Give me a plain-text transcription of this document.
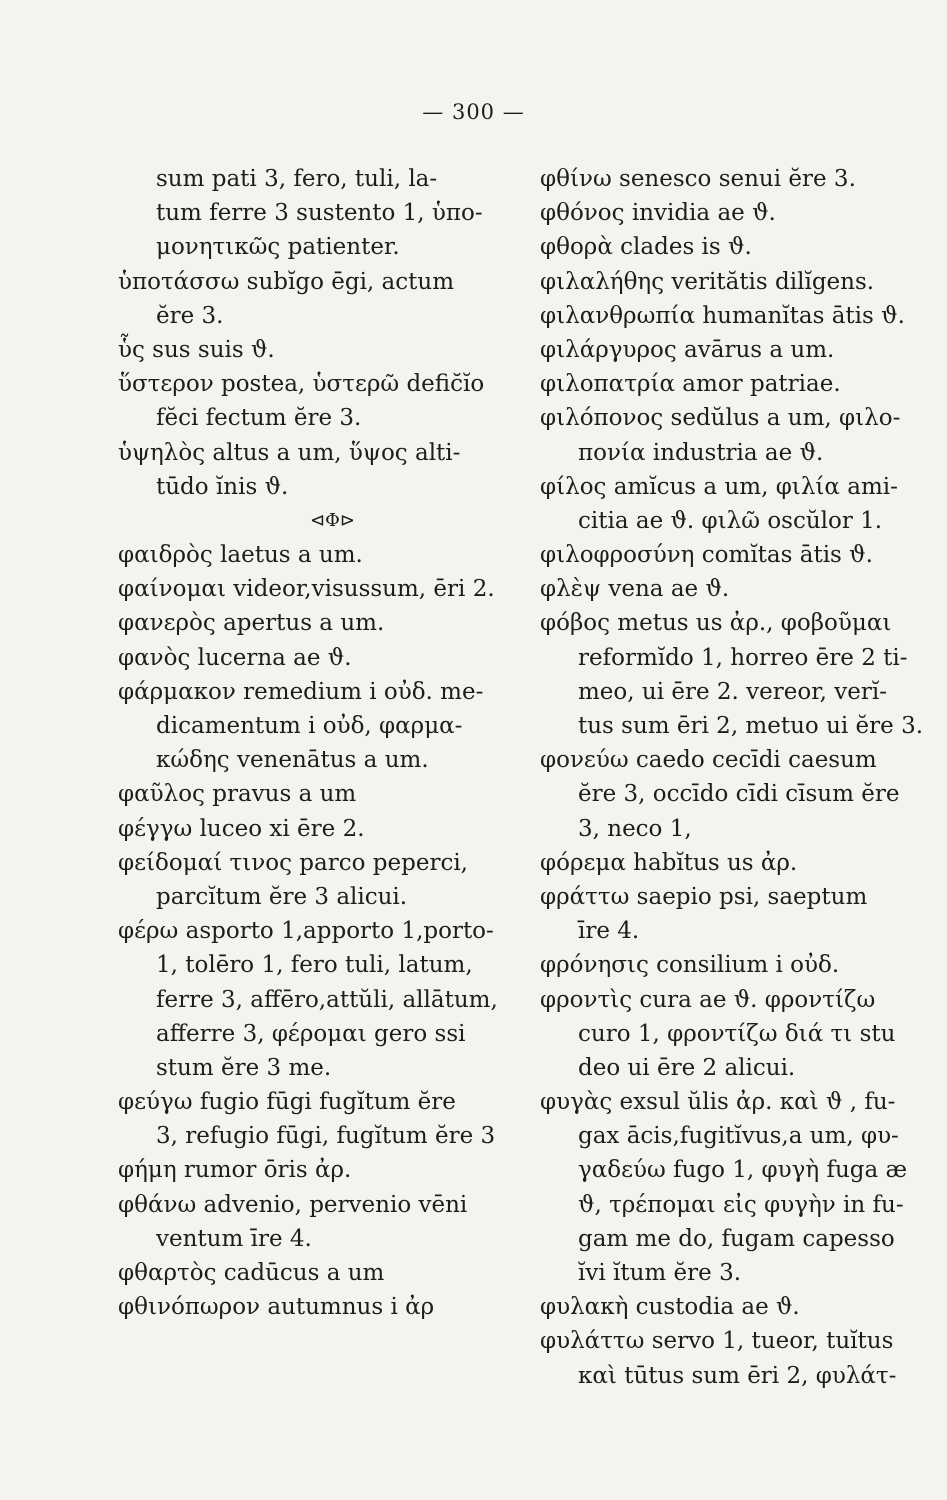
— 300 —
sum pati 3, fero, tuli, la-
tum ferre 3 sustento 1, ὑπο-
μονητικῶς patienter.
ὑποτάσσω subĭgo ēgi, actum
ĕre 3.
ὗς sus suis ϑ.
ὕστερον postea, ὑστερῶ defic̆ĭo
fĕci fectum ĕre 3.
ὑψηλὸς altus a um, ὕψος alti-
tūdo ĭnis ϑ.
⊲Φ⊳
φαιδρὸς laetus a um.
φαίνομαι videor,visussum, ēri 2.
φανερὸς apertus a um.
φανὸς lucerna ae ϑ.
φάρμακον remedium i οὐδ. me-
dicamentum i οὐδ, φαρμα-
κώδης venenātus a um.
φαῦλος pravus a um
φέγγω luceo xi ēre 2.
φείδομαί τινος parco peperci,
parcĭtum ĕre 3 alicui.
φέρω asporto 1,apporto 1,porto-
1, tolēro 1, fero tuli, latum,
ferre 3, affēro,attŭli, allātum,
afferre 3, φέρομαι gero ssi
stum ĕre 3 me.
φεύγω fugio fūgi fugĭtum ĕre
3, refugio fūgi, fugĭtum ĕre 3
φήμη rumor ōris ἀρ.
φθάνω advenio, pervenio vēni
ventum īre 4.
φθαρτὸς cadūcus a um
φθινόπωρον autumnus i ἀρ
φθίνω senesco senui ĕre 3.
φθόνος invidia ae ϑ.
φθορὰ clades is ϑ.
φιλαλήθης veritătis dilĭgens.
φιλανθρωπία humanĭtas ātis ϑ.
φιλάργυρος avārus a um.
φιλοπατρία amor patriae.
φιλόπονος sedŭlus a um, φιλο-
πονία industria ae ϑ.
φίλος amĭcus a um, φιλία ami-
citia ae ϑ. φιλῶ oscŭlor 1.
φιλοφροσύνη comĭtas ātis ϑ.
φλὲψ vena ae ϑ.
φόβος metus us ἀρ., φοβοῦμαι
reformĭdo 1, horreo ēre 2 ti-
meo, ui ēre 2. vereor, verĭ-
tus sum ēri 2, metuo ui ĕre 3.
φονεύω caedo cecīdi caesum
ĕre 3, occīdo cīdi cīsum ĕre
3, neco 1,
φόρεμα habĭtus us ἀρ.
φράττω saepio psi, saeptum
īre 4.
φρόνησις consilium i οὐδ.
φροντὶς cura ae ϑ. φροντίζω
curo 1, φροντίζω διά τι stu
deo ui ēre 2 alicui.
φυγὰς exsul ŭlis ἀρ. καὶ ϑ , fu-
gax ācis,fugitĭvus,a um, φυ-
γαδεύω fugo 1, φυγὴ fuga æ
ϑ, τρέπομαι εἰς φυγὴν in fu-
gam me do, fugam capesso
ĭvi ĭtum ĕre 3.
φυλακὴ custodia ae ϑ.
φυλάττω servo 1, tueor, tuĭtus
καὶ tūtus sum ēri 2, φυλάτ-
